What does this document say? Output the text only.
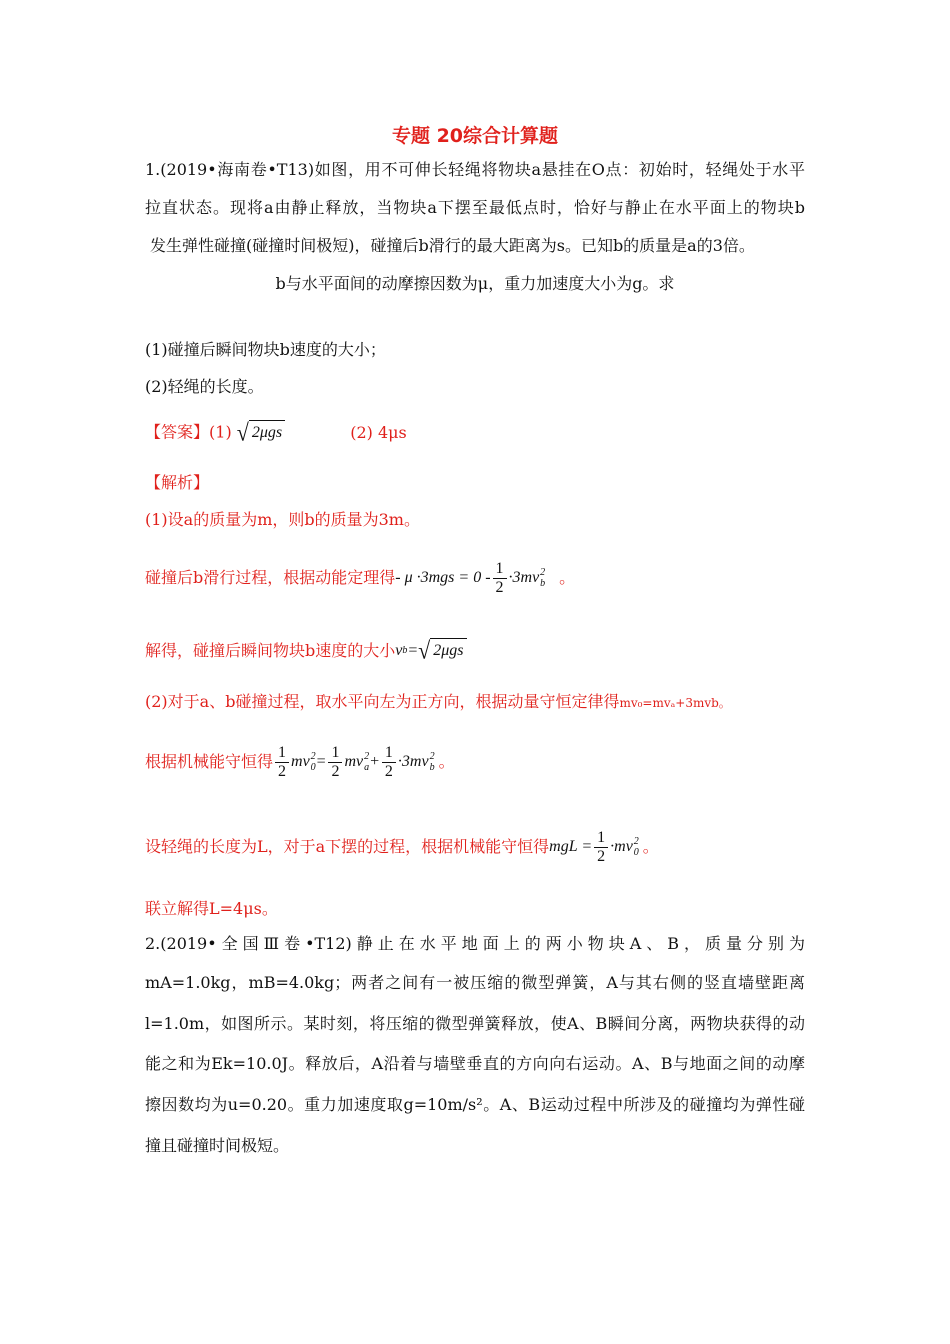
专题 20综合计算题
1.(2019•海南卷•T13)如图，用不可伸长轻绳将物块a悬挂在O点：初始时，轻绳处于水平
拉直状态。现将a由静止释放，当物块a下摆至最低点时，恰好与静止在水平面上的物块b
发生弹性碰撞(碰撞时间极短)，碰撞后b滑行的最大距离为s。已知b的质量是a的3倍。
b与水平面间的动摩擦因数为μ，重力加速度大小为g。求
(1)碰撞后瞬间物块b速度的大小；
(2)轻绳的长度。
【答案】(1) √ 2μgs	(2) 4μs
【解析】
(1)设a的质量为m，则b的质量为3m。
碰撞后b滑行过程，根据动能定理得 - $\mu \cdot 3mgs = 0 - \frac{1}{2} \cdot 3mv$ 2
b 。
解得，碰撞后瞬间物块b速度的大小 v b = √ 2μgs
(2)对于a、b碰撞过程，取水平向左为正方向，根据动量守恒定律得mv₀=mvₐ+3mvb。
根据机械能守恒得 $\frac{1}{2}$ mv 2
$0 = \frac{1}{2}$ mv 2
$a + \frac{1}{2} \cdot 3mv$ 2
b 。
设轻绳的长度为L，对于a下摆的过程，根据机械能守恒得 mgL = $\frac{1}{2} \cdot mv$ 2
0 。
联立解得L=4μs。
2.(2019•全国Ⅲ卷•T12)静止在水平地面上的两小物块A、B，质量分别为
mA=1.0kg，mB=4.0kg；两者之间有一被压缩的微型弹簧，A与其右侧的竖直墙壁距离
l=1.0m，如图所示。某时刻，将压缩的微型弹簧释放，使A、B瞬间分离，两物块获得的动
能之和为Ek=10.0J。释放后，A沿着与墙壁垂直的方向向右运动。A、B与地面之间的动摩
擦因数均为u=0.20。重力加速度取g=10m/s²。A、B运动过程中所涉及的碰撞均为弹性碰
撞且碰撞时间极短。
